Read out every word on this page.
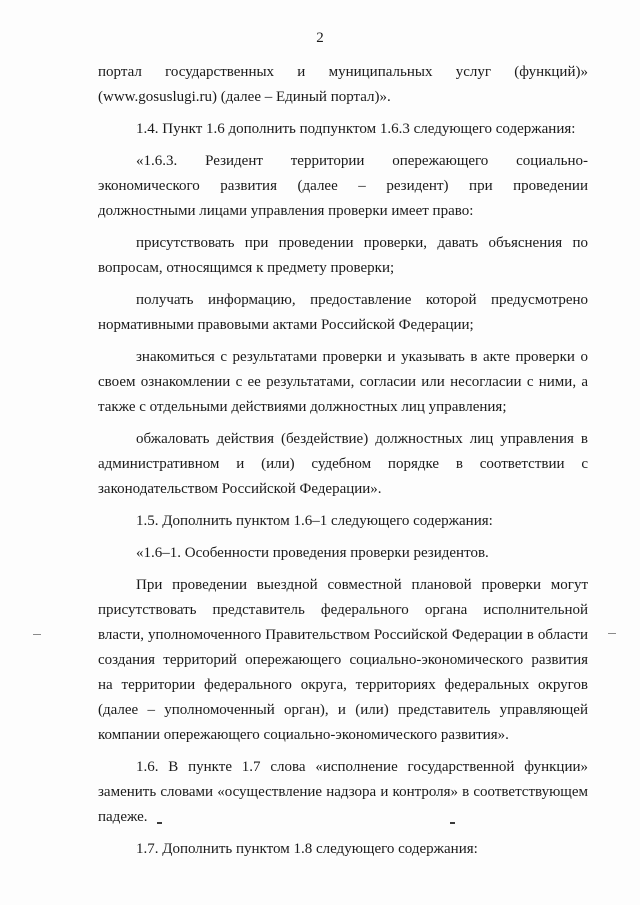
2

портал государственных и муниципальных услуг (функций)» (www.gosuslugi.ru) (далее – Единый портал)».

1.4. Пункт 1.6 дополнить подпунктом 1.6.3 следующего содержания:

«1.6.3. Резидент территории опережающего социально-экономического развития (далее – резидент) при проведении должностными лицами управления проверки имеет право:

присутствовать при проведении проверки, давать объяснения по вопросам, относящимся к предмету проверки;

получать информацию, предоставление которой предусмотрено нормативными правовыми актами Российской Федерации;

знакомиться с результатами проверки и указывать в акте проверки о своем ознакомлении с ее результатами, согласии или несогласии с ними, а также с отдельными действиями должностных лиц управления;

обжаловать действия (бездействие) должностных лиц управления в административном и (или) судебном порядке в соответствии с законодательством Российской Федерации».

1.5. Дополнить пунктом 1.6–1 следующего содержания:

«1.6–1. Особенности проведения проверки резидентов.

При проведении выездной совместной плановой проверки могут присутствовать представитель федерального органа исполнительной власти, уполномоченного Правительством Российской Федерации в области создания территорий опережающего социально-экономического развития на территории федерального округа, территориях федеральных округов (далее – уполномоченный орган), и (или) представитель управляющей компании опережающего социально-экономического развития».

1.6. В пункте 1.7 слова «исполнение государственной функции» заменить словами «осуществление надзора и контроля» в соответствующем падеже.

1.7. Дополнить пунктом 1.8 следующего содержания:
